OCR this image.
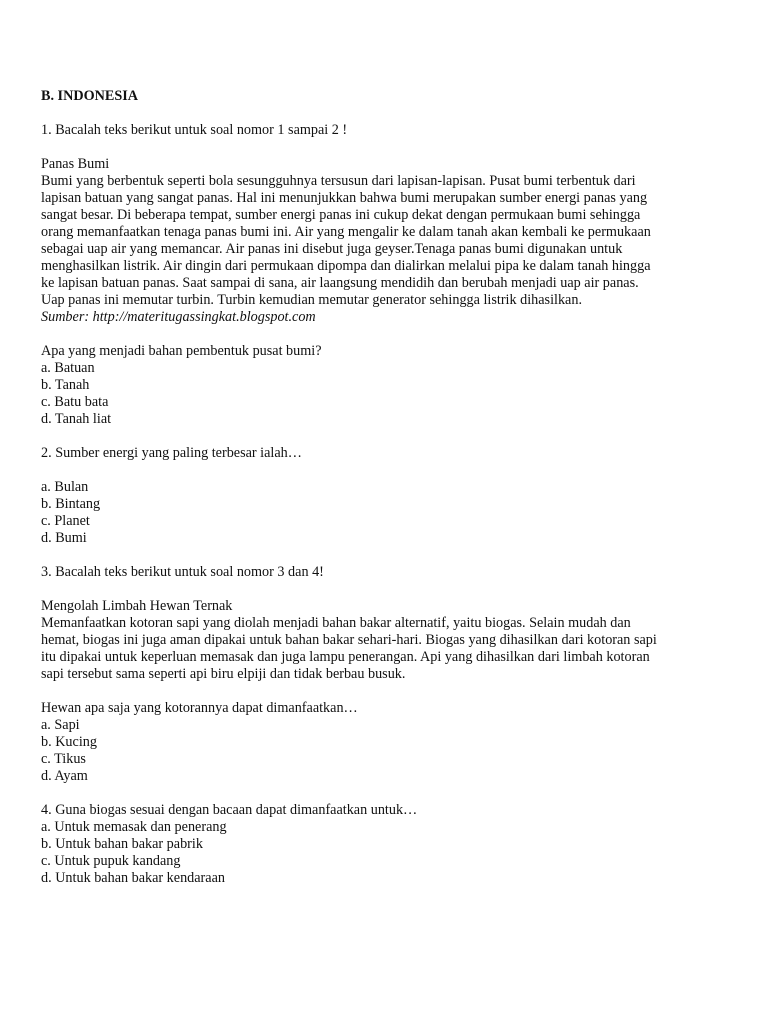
B. INDONESIA
1. Bacalah teks berikut untuk soal nomor 1 sampai 2 !
Panas Bumi
Bumi yang berbentuk seperti bola sesungguhnya tersusun dari lapisan-lapisan. Pusat bumi terbentuk dari
lapisan batuan yang sangat panas. Hal ini menunjukkan bahwa bumi merupakan sumber energi panas yang
sangat besar. Di beberapa tempat, sumber energi panas ini cukup dekat dengan permukaan bumi sehingga
orang memanfaatkan tenaga panas bumi ini. Air yang mengalir ke dalam tanah akan kembali ke permukaan
sebagai uap air yang memancar. Air panas ini disebut juga geyser.Tenaga panas bumi digunakan untuk
menghasilkan listrik. Air dingin dari permukaan dipompa dan dialirkan melalui pipa ke dalam tanah hingga
ke lapisan batuan panas. Saat sampai di sana, air laangsung mendidih dan berubah menjadi uap air panas.
Uap panas ini memutar turbin. Turbin kemudian memutar generator sehingga listrik dihasilkan.
Sumber: http://materitugassingkat.blogspot.com
Apa yang menjadi bahan pembentuk pusat bumi?
a. Batuan
b. Tanah
c. Batu bata
d. Tanah liat
2. Sumber energi yang paling terbesar ialah…
a. Bulan
b. Bintang
c. Planet
d. Bumi
3. Bacalah teks berikut untuk soal nomor 3 dan 4!
Mengolah Limbah Hewan Ternak
Memanfaatkan kotoran sapi yang diolah menjadi bahan bakar alternatif, yaitu biogas. Selain mudah dan
hemat, biogas ini juga aman dipakai untuk bahan bakar sehari-hari. Biogas yang dihasilkan dari kotoran sapi
itu dipakai untuk keperluan memasak dan juga lampu penerangan. Api yang dihasilkan dari limbah kotoran
sapi tersebut sama seperti api biru elpiji dan tidak berbau busuk.
Hewan apa saja yang kotorannya dapat dimanfaatkan…
a. Sapi
b. Kucing
c. Tikus
d. Ayam
4. Guna biogas sesuai dengan bacaan dapat dimanfaatkan untuk…
a. Untuk memasak dan penerang
b. Untuk bahan bakar pabrik
c. Untuk pupuk kandang
d. Untuk bahan bakar kendaraan
